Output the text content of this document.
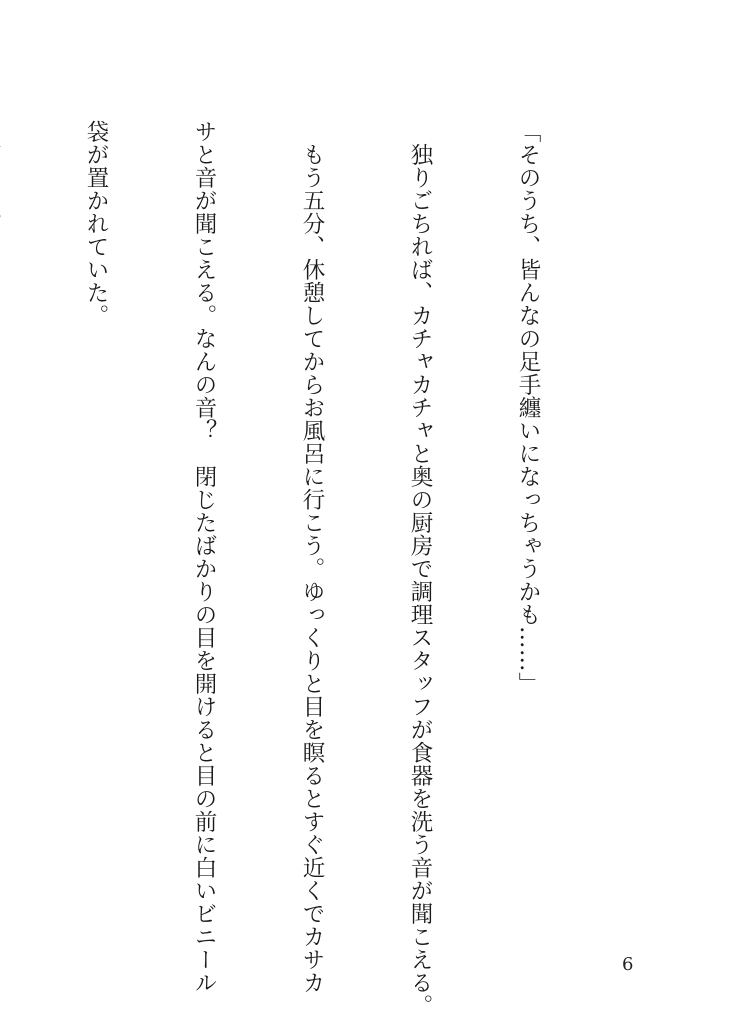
「そのうち、皆んなの足手纏いになっちゃうかも……」

　独りごちれば、カチャカチャと奥の厨房で調理スタッフが食器を洗う音が聞こえる。

　もう五分、休憩してからお風呂に行こう。ゆっくりと目を瞑るとすぐ近くでカサカ

サと音が聞こえる。なんの音？　閉じたばかりの目を開けると目の前に白いビニール

袋が置かれていた。

6
